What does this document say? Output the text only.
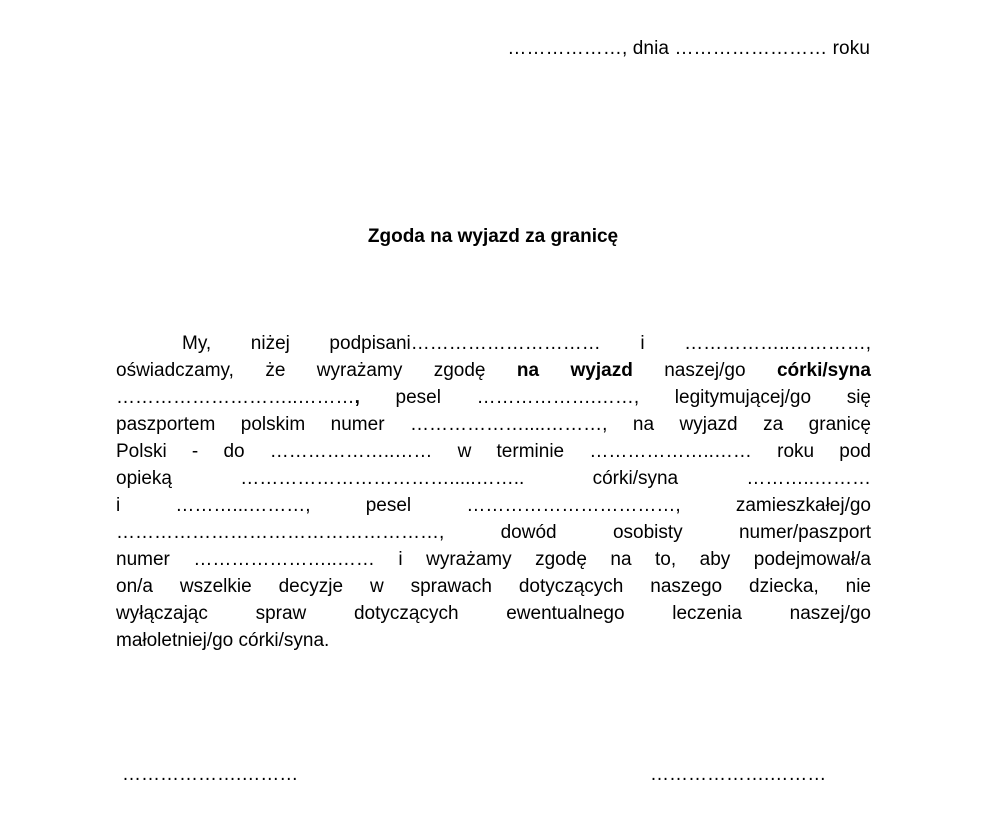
………………, dnia …………………… roku
Zgoda na wyjazd za granicę
My, niżej podpisani………………………… i ……………..…………,
oświadczamy, że wyrażamy zgodę na wyjazd naszej/go córki/syna
………………………..………, pesel ……………….……, legitymującej/go się
paszportem polskim numer ………………....………, na wyjazd za granicę
Polski - do ………………..…… w terminie ………………..…… roku pod
opieką …………………………….....…….. córki/syna ………..………
i ………...………, pesel ……………………………, zamieszkałej/go
……………………………………………, dowód osobisty numer/paszport
numer …………………..…… i wyrażamy zgodę na to, aby podejmował/a
on/a wszelkie decyzje w sprawach dotyczących naszego dziecka, nie
wyłączając spraw dotyczących ewentualnego leczenia naszej/go
małoletniej/go córki/syna.
……………….………	……………….………
